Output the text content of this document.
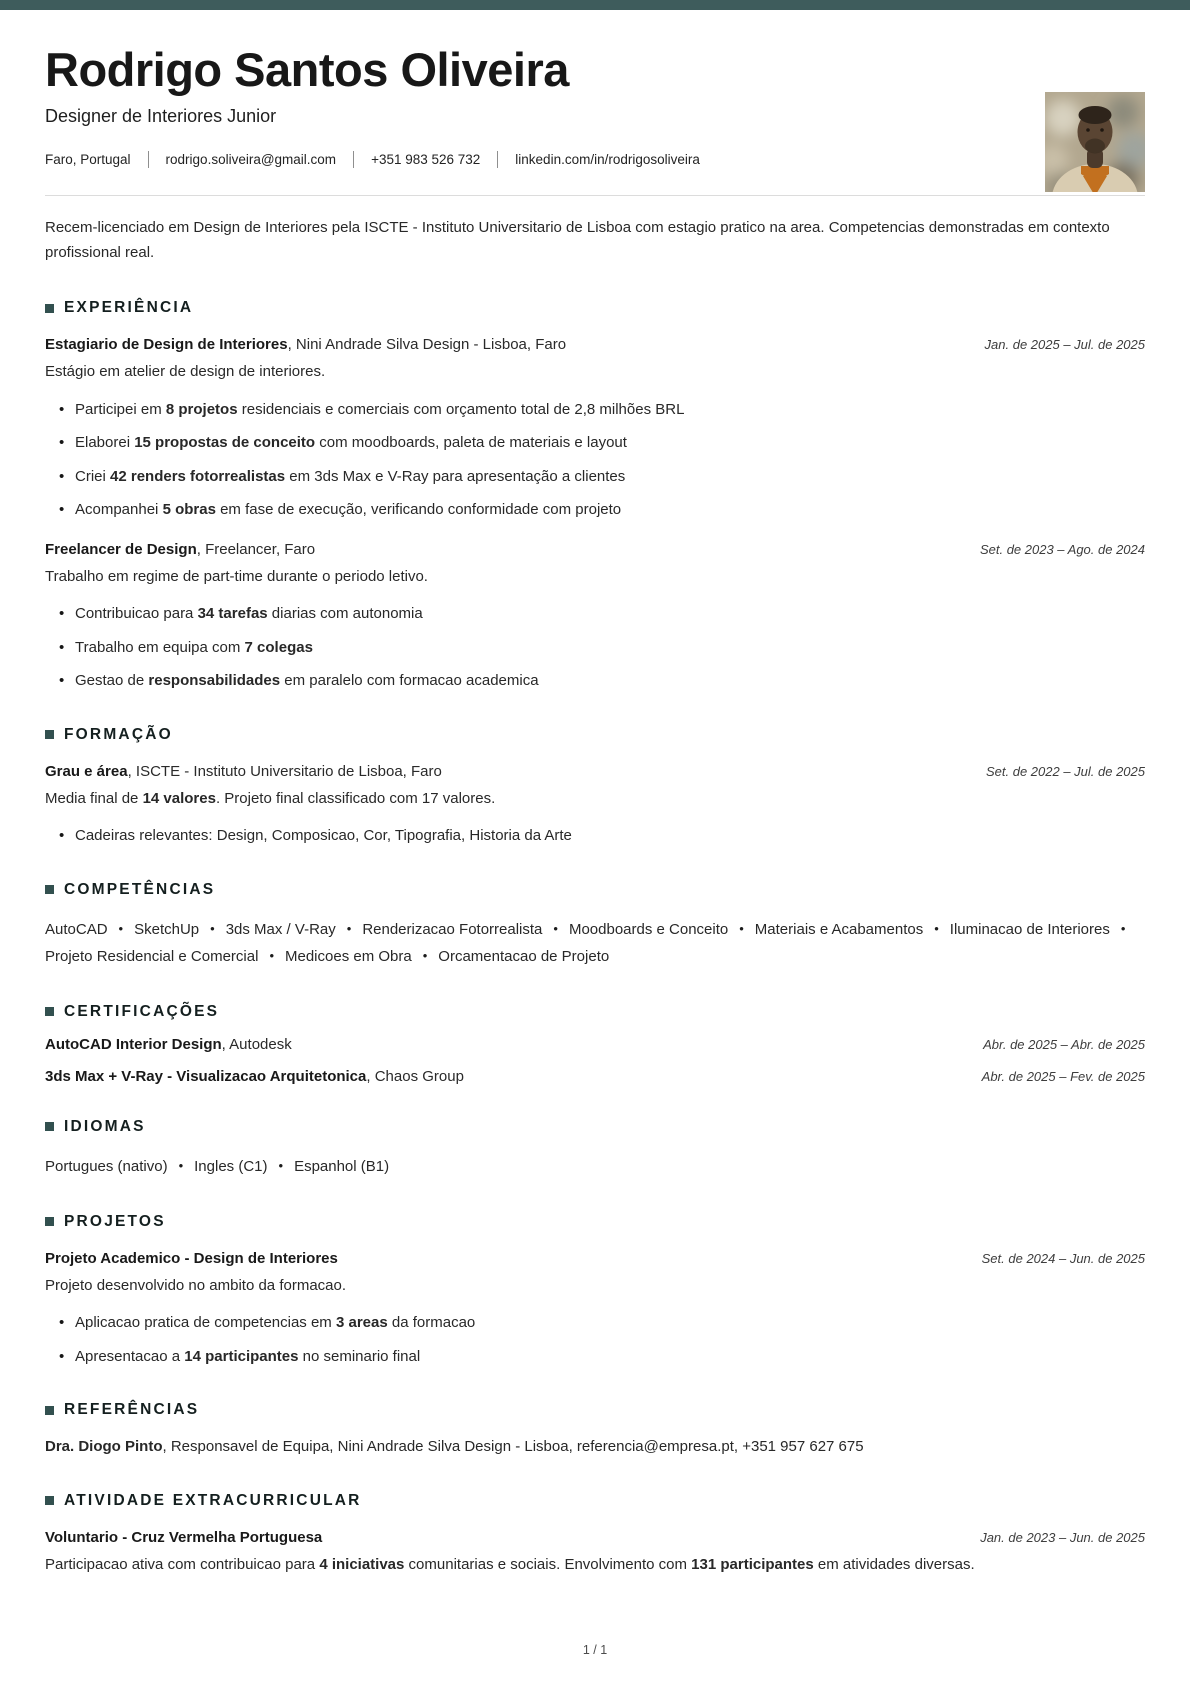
Rodrigo Santos Oliveira
Designer de Interiores Junior
Faro, Portugal	rodrigo.soliveira@gmail.com	+351 983 526 732	linkedin.com/in/rodrigosoliveira

Recem-licenciado em Design de Interiores pela ISCTE - Instituto Universitario de Lisboa com estagio pratico na area. Competencias demonstradas em contexto profissional real.

EXPERIÊNCIA
Estagiario de Design de Interiores, Nini Andrade Silva Design - Lisboa, Faro	Jan. de 2025 – Jul. de 2025
Estágio em atelier de design de interiores.
• Participei em 8 projetos residenciais e comerciais com orçamento total de 2,8 milhões BRL
• Elaborei 15 propostas de conceito com moodboards, paleta de materiais e layout
• Criei 42 renders fotorrealistas em 3ds Max e V-Ray para apresentação a clientes
• Acompanhei 5 obras em fase de execução, verificando conformidade com projeto
Freelancer de Design, Freelancer, Faro	Set. de 2023 – Ago. de 2024
Trabalho em regime de part-time durante o periodo letivo.
• Contribuicao para 34 tarefas diarias com autonomia
• Trabalho em equipa com 7 colegas
• Gestao de responsabilidades em paralelo com formacao academica
FORMAÇÃO
Grau e área, ISCTE - Instituto Universitario de Lisboa, Faro	Set. de 2022 – Jul. de 2025
Media final de 14 valores. Projeto final classificado com 17 valores.
• Cadeiras relevantes: Design, Composicao, Cor, Tipografia, Historia da Arte
COMPETÊNCIAS

AutoCAD • SketchUp • 3ds Max / V-Ray • Renderizacao Fotorrealista • Moodboards e Conceito • Materiais e Acabamentos • Iluminacao de Interiores •Projeto Residencial e Comercial • Medicoes em Obra • Orcamentacao de Projeto

CERTIFICAÇÕES
AutoCAD Interior Design, Autodesk	Abr. de 2025 – Abr. de 2025
3ds Max + V-Ray - Visualizacao Arquitetonica, Chaos Group	Abr. de 2025 – Fev. de 2025
IDIOMAS

Portugues (nativo) • Ingles (C1) • Espanhol (B1)

PROJETOS
Projeto Academico - Design de Interiores	Set. de 2024 – Jun. de 2025
Projeto desenvolvido no ambito da formacao.
• Aplicacao pratica de competencias em 3 areas da formacao
• Apresentacao a 14 participantes no seminario final
REFERÊNCIAS

Dra. Diogo Pinto, Responsavel de Equipa, Nini Andrade Silva Design - Lisboa, referencia@empresa.pt, +351 957 627 675

ATIVIDADE EXTRACURRICULAR
Voluntario - Cruz Vermelha Portuguesa	Jan. de 2023 – Jun. de 2025
Participacao ativa com contribuicao para 4 iniciativas comunitarias e sociais. Envolvimento com 131 participantes em atividades diversas.
1 / 1
